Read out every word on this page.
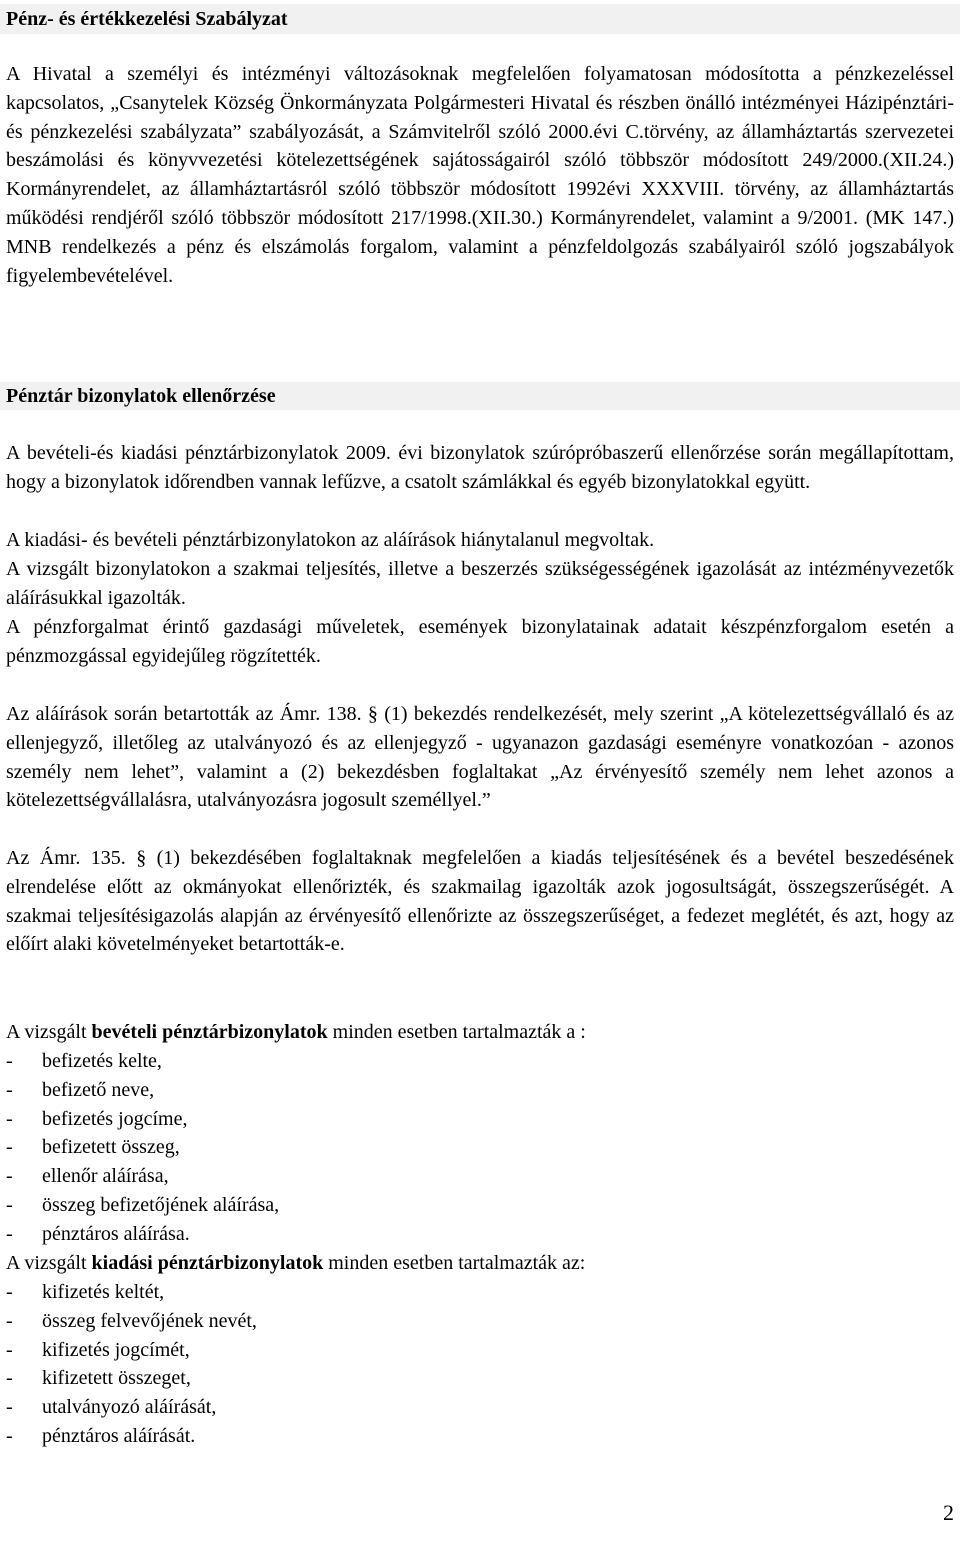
Pénz- és értékkezelési Szabályzat

A Hivatal a személyi és intézményi változásoknak megfelelően folyamatosan módosította a pénzkezeléssel kapcsolatos, „Csanytelek Község Önkormányzata Polgármesteri Hivatal és részben önálló intézményei Házipénztári- és pénzkezelési szabályzata” szabályozását, a Számvitelről szóló 2000.évi C.törvény, az államháztartás szervezetei beszámolási és könyvvezetési kötelezettségének sajátosságairól szóló többször módosított 249/2000.(XII.24.) Kormányrendelet, az államháztartásról szóló többször módosított 1992évi XXXVIII. törvény, az államháztartás működési rendjéről szóló többször módosított 217/1998.(XII.30.) Kormányrendelet, valamint a 9/2001. (MK 147.) MNB rendelkezés a pénz és elszámolás forgalom, valamint a pénzfeldolgozás szabályairól szóló jogszabályok figyelembevételével.

Pénztár bizonylatok ellenőrzése

A bevételi-és kiadási pénztárbizonylatok 2009. évi bizonylatok szúrópróbaszerű ellenőrzése során megállapítottam, hogy a bizonylatok időrendben vannak lefűzve, a csatolt számlákkal és egyéb bizonylatokkal együtt.

A kiadási- és bevételi pénztárbizonylatokon az aláírások hiánytalanul megvoltak.

A vizsgált bizonylatokon a szakmai teljesítés, illetve a beszerzés szükségességének igazolását az intézményvezetők aláírásukkal igazolták.

A pénzforgalmat érintő gazdasági műveletek, események bizonylatainak adatait készpénzforgalom esetén a pénzmozgással egyidejűleg rögzítették.

Az aláírások során betartották az Ámr. 138. § (1) bekezdés rendelkezését, mely szerint „A kötelezettségvállaló és az ellenjegyző, illetőleg az utalványozó és az ellenjegyző - ugyanazon gazdasági eseményre vonatkozóan - azonos személy nem lehet”, valamint a (2) bekezdésben foglaltakat „Az érvényesítő személy nem lehet azonos a kötelezettségvállalásra, utalványozásra jogosult személlyel.”

Az Ámr. 135. § (1) bekezdésében foglaltaknak megfelelően a kiadás teljesítésének és a bevétel beszedésének elrendelése előtt az okmányokat ellenőrizték, és szakmailag igazolták azok jogosultságát, összegszerűségét. A szakmai teljesítésigazolás alapján az érvényesítő ellenőrizte az összegszerűséget, a fedezet meglétét, és azt, hogy az előírt alaki követelményeket betartották-e.

A vizsgált bevételi pénztárbizonylatok minden esetben tartalmazták a :

- befizetés kelte,
- befizető neve,
- befizetés jogcíme,
- befizetett összeg,
- ellenőr aláírása,
- összeg befizetőjének aláírása,
- pénztáros aláírása.

A vizsgált kiadási pénztárbizonylatok minden esetben tartalmazták az:

- kifizetés keltét,
- összeg felvevőjének nevét,
- kifizetés jogcímét,
- kifizetett összeget,
- utalványozó aláírását,
- pénztáros aláírását.
2
